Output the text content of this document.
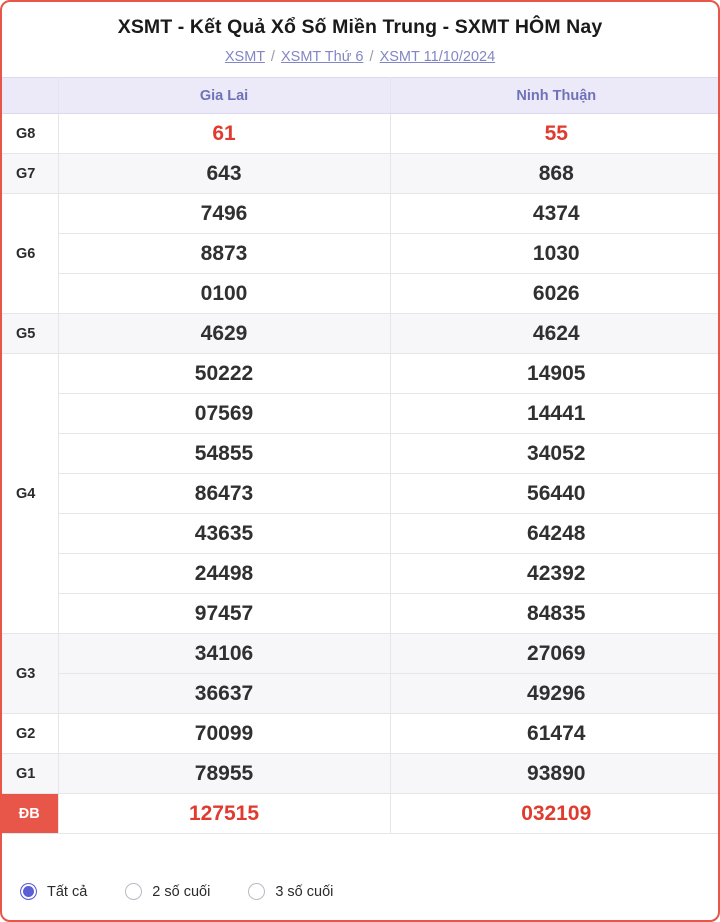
XSMT - Kết Quả Xổ Số Miền Trung - SXMT HÔM Nay
XSMT / XSMT Thứ 6 / XSMT 11/10/2024
	Gia Lai	Ninh Thuận
G8	61	55
G7	643	868
G6	7496	4374
	8873	1030
	0100	6026
G5	4629	4624
G4	50222	14905
	07569	14441
	54855	34052
	86473	56440
	43635	64248
	24498	42392
	97457	84835
G3	34106	27069
	36637	49296
G2	70099	61474
G1	78955	93890
ĐB	127515	032109
Tất cả	2 số cuối	3 số cuối
